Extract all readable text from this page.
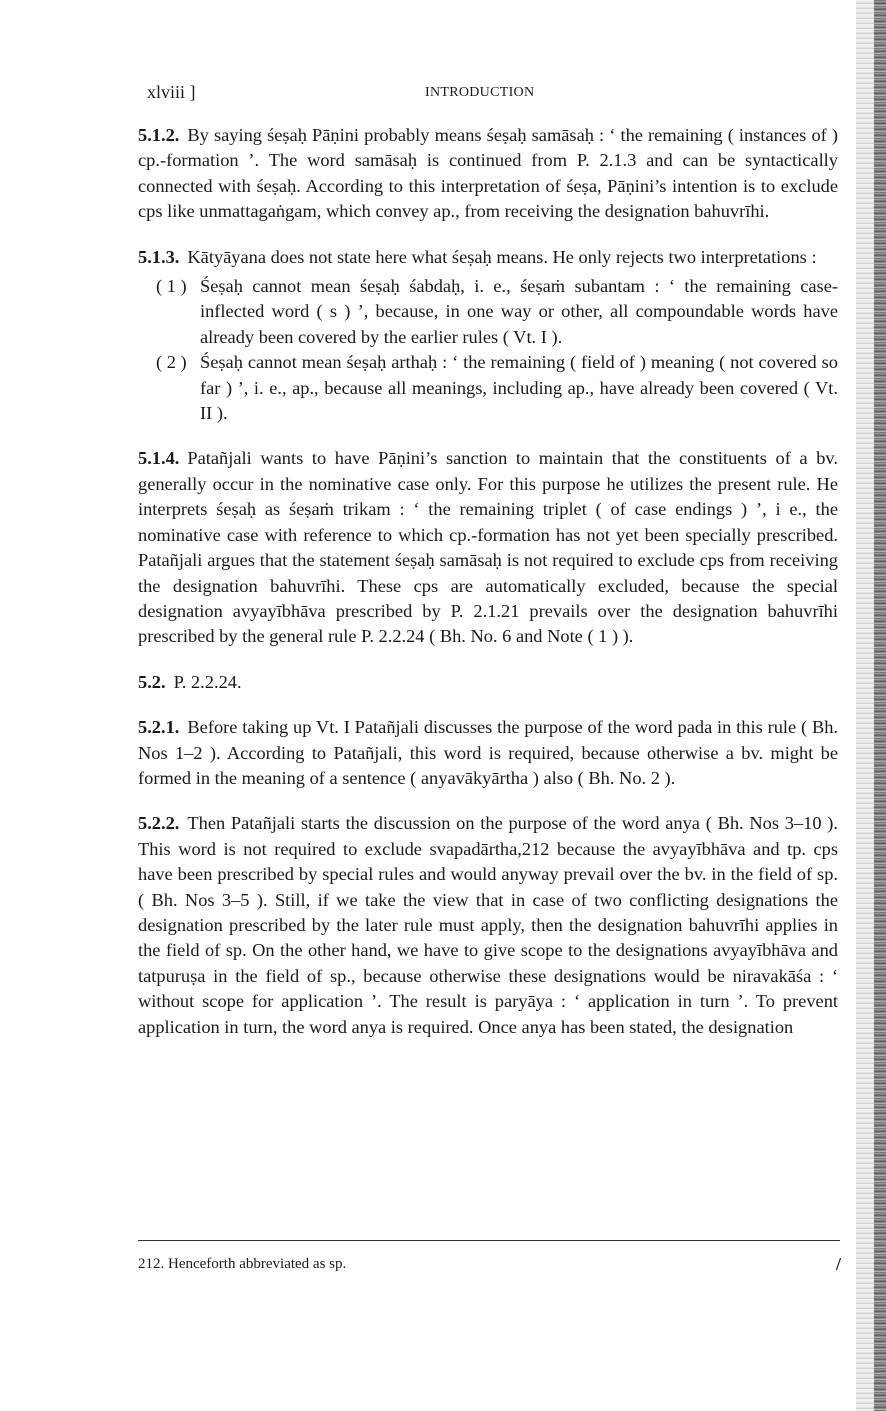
xlviii ]	INTRODUCTION

5.1.2. By saying śeṣaḥ Pāṇini probably means śeṣaḥ samāsaḥ : ‘ the remaining ( instances of ) cp.-formation ’. The word samāsaḥ is continued from P. 2.1.3 and can be syntactically connected with śeṣaḥ. According to this interpretation of śeṣa, Pāṇini’s intention is to exclude cps like unmattagaṅgam, which convey ap., from receiving the designation bahuvrīhi.

5.1.3. Kātyāyana does not state here what śeṣaḥ means. He only rejects two interpretations :

( 1 ) Śeṣaḥ cannot mean śeṣaḥ śabdaḥ, i. e., śeṣaṁ subantam : ‘ the remaining case-inflected word ( s ) ’, because, in one way or other, all compoundable words have already been covered by the earlier rules ( Vt. I ).
( 2 ) Śeṣaḥ cannot mean śeṣaḥ arthaḥ : ‘ the remaining ( field of ) meaning ( not covered so far ) ’, i. e., ap., because all meanings, including ap., have already been covered ( Vt. II ).

5.1.4. Patañjali wants to have Pāṇini’s sanction to maintain that the constituents of a bv. generally occur in the nominative case only. For this purpose he utilizes the present rule. He interprets śeṣaḥ as śeṣaṁ trikam : ‘ the remaining triplet ( of case endings ) ’, i e., the nominative case with reference to which cp.-formation has not yet been specially prescribed. Patañjali argues that the statement śeṣaḥ samāsaḥ is not required to exclude cps from receiving the designation bahuvrīhi. These cps are automatically excluded, because the special designation avyayībhāva prescribed by P. 2.1.21 prevails over the designation bahuvrīhi prescribed by the general rule P. 2.2.24 ( Bh. No. 6 and Note ( 1 ) ).

5.2. P. 2.2.24.

5.2.1. Before taking up Vt. I Patañjali discusses the purpose of the word pada in this rule ( Bh. Nos 1–2 ). According to Patañjali, this word is required, because otherwise a bv. might be formed in the meaning of a sentence ( anyavākyārtha ) also ( Bh. No. 2 ).

5.2.2. Then Patañjali starts the discussion on the purpose of the word anya ( Bh. Nos 3–10 ). This word is not required to exclude svapadārtha,212 because the avyayībhāva and tp. cps have been prescribed by special rules and would anyway prevail over the bv. in the field of sp. ( Bh. Nos 3–5 ). Still, if we take the view that in case of two conflicting designations the designation prescribed by the later rule must apply, then the designation bahuvrīhi applies in the field of sp. On the other hand, we have to give scope to the designations avyayībhāva and tatpuruṣa in the field of sp., because otherwise these designations would be niravakāśa : ‘ without scope for application ’. The result is paryāya : ‘ application in turn ’. To prevent application in turn, the word anya is required. Once anya has been stated, the designation

212. Henceforth abbreviated as sp.	/
